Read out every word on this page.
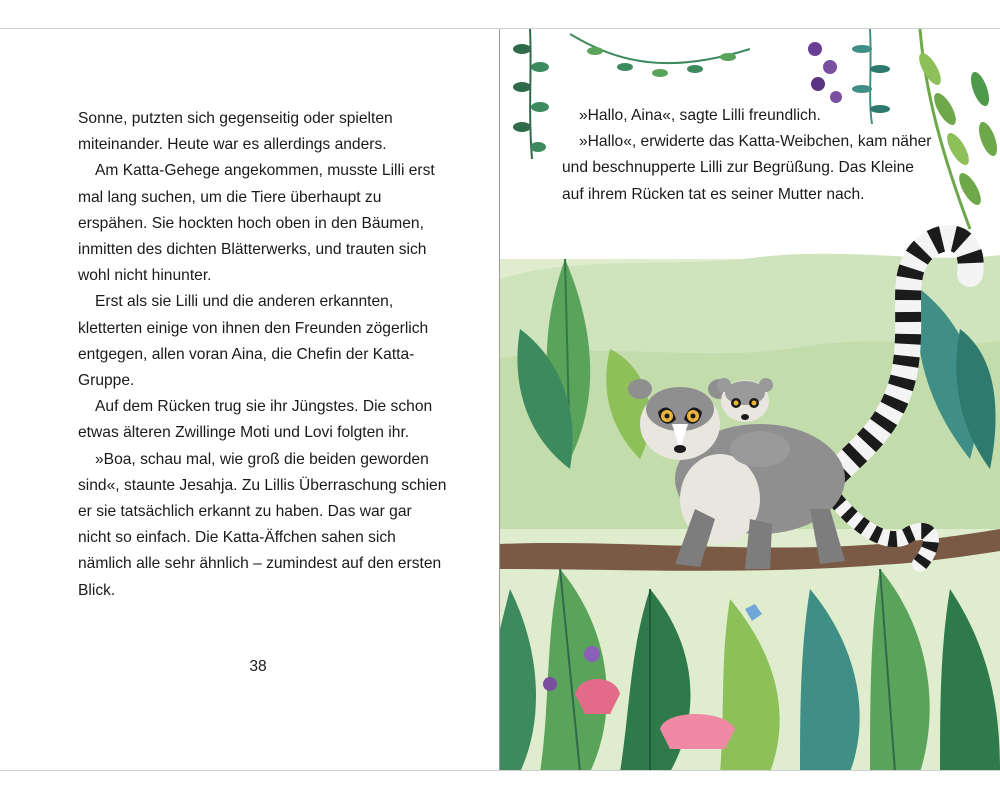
Sonne, putzten sich gegenseitig oder spielten miteinander. Heute war es allerdings anders.

Am Katta-Gehege angekommen, musste Lilli erst mal lang suchen, um die Tiere überhaupt zu erspähen. Sie hockten hoch oben in den Bäumen, inmitten des dichten Blätterwerks, und trauten sich wohl nicht hinunter.

Erst als sie Lilli und die anderen erkannten, kletterten einige von ihnen den Freunden zögerlich entgegen, allen voran Aina, die Chefin der Katta-Gruppe.

Auf dem Rücken trug sie ihr Jüngstes. Die schon etwas älteren Zwillinge Moti und Lovi folgten ihr.

»Boa, schau mal, wie groß die beiden geworden sind«, staunte Jesahja. Zu Lillis Überraschung schien er sie tatsächlich erkannt zu haben. Das war gar nicht so einfach. Die Katta-Äffchen sahen sich nämlich alle sehr ähnlich – zumindest auf den ersten Blick.

38

»Hallo, Aina«, sagte Lilli freundlich.

»Hallo«, erwiderte das Katta-Weibchen, kam näher und beschnupperte Lilli zur Begrüßung. Das Kleine auf ihrem Rücken tat es seiner Mutter nach.
